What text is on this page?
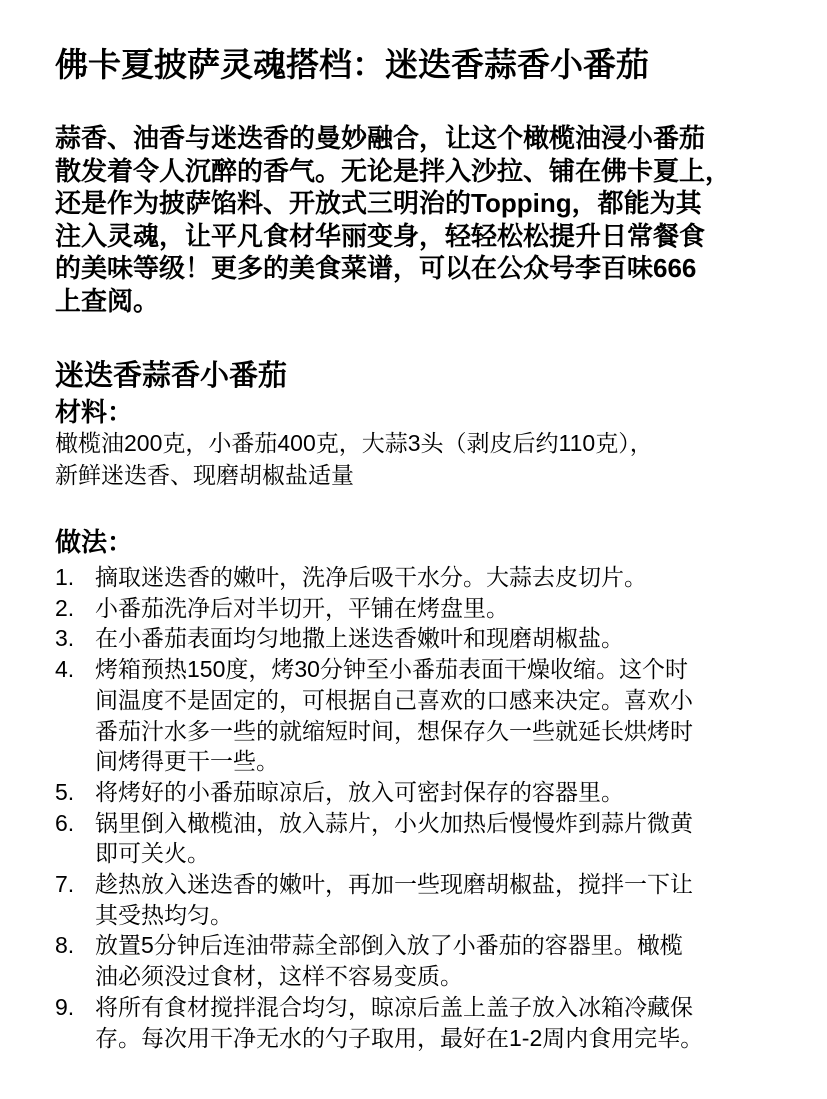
佛卡夏披萨灵魂搭档：迷迭香蒜香小番茄
蒜香、油香与迷迭香的曼妙融合，让这个橄榄油浸小番茄
散发着令人沉醉的香气。无论是拌入沙拉、铺在佛卡夏上，
还是作为披萨馅料、开放式三明治的Topping，都能为其
注入灵魂，让平凡食材华丽变身，轻轻松松提升日常餐食
的美味等级！更多的美食菜谱，可以在公众号李百味666
上查阅。
迷迭香蒜香小番茄
材料：
橄榄油200克，小番茄400克，大蒜3头（剥皮后约110克），
新鲜迷迭香、现磨胡椒盐适量
做法：
1. 摘取迷迭香的嫩叶，洗净后吸干水分。大蒜去皮切片。
2. 小番茄洗净后对半切开，平铺在烤盘里。
3. 在小番茄表面均匀地撒上迷迭香嫩叶和现磨胡椒盐。
4. 烤箱预热150度，烤30分钟至小番茄表面干燥收缩。这个时
间温度不是固定的，可根据自己喜欢的口感来决定。喜欢小
番茄汁水多一些的就缩短时间，想保存久一些就延长烘烤时
间烤得更干一些。
5. 将烤好的小番茄晾凉后，放入可密封保存的容器里。
6. 锅里倒入橄榄油，放入蒜片，小火加热后慢慢炸到蒜片微黄
即可关火。
7. 趁热放入迷迭香的嫩叶，再加一些现磨胡椒盐，搅拌一下让
其受热均匀。
8. 放置5分钟后连油带蒜全部倒入放了小番茄的容器里。橄榄
油必须没过食材，这样不容易变质。
9. 将所有食材搅拌混合均匀，晾凉后盖上盖子放入冰箱冷藏保
存。每次用干净无水的勺子取用，最好在1-2周内食用完毕。
